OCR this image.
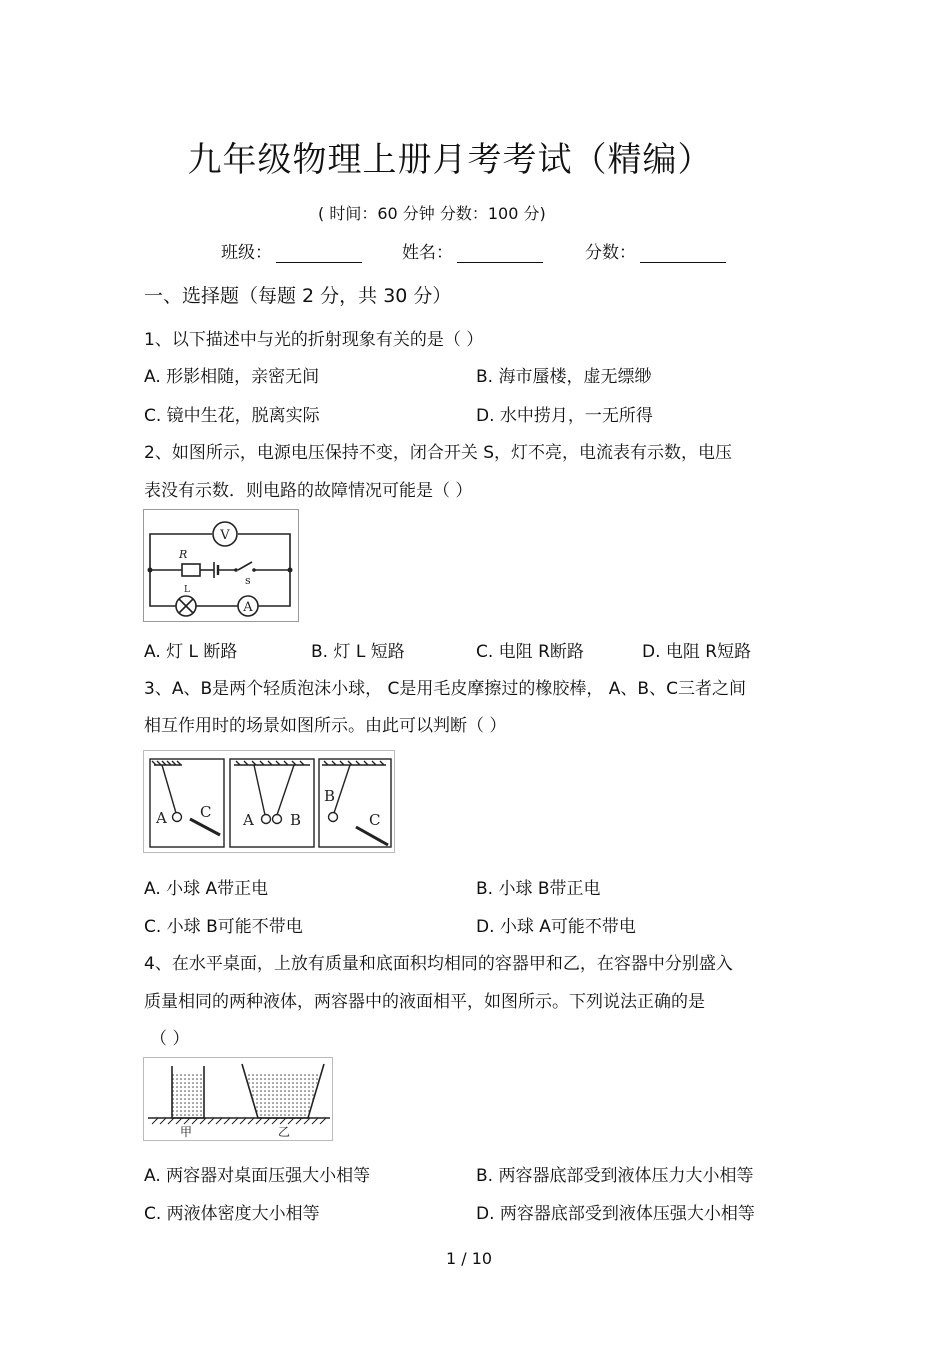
九年级物理上册月考考试（精编）
( 时间：60 分钟 分数：100 分)
班级：	姓名：	分数：
一、选择题（每题 2 分，共 30 分）
1、以下描述中与光的折射现象有关的是（ ）
A. 形影相随，亲密无间	B. 海市蜃楼，虚无缥缈
C. 镜中生花，脱离实际	D. 水中捞月，一无所得
2、如图所示，电源电压保持不变，闭合开关 S，灯不亮，电流表有示数，电压
表没有示数．则电路的故障情况可能是（ ）
V
A
R
s
L
A. 灯 L 断路	B. 灯 L 短路	C. 电阻 R断路	D. 电阻 R短路
3、A、B是两个轻质泡沫小球， C是用毛皮摩擦过的橡胶棒， A、B、C三者之间
相互作用时的场景如图所示。由此可以判断（ ）
A C A B
B
C
A. 小球 A带正电	B. 小球 B带正电
C. 小球 B可能不带电	D. 小球 A可能不带电
4、在水平桌面，上放有质量和底面积均相同的容器甲和乙，在容器中分别盛入
质量相同的两种液体，两容器中的液面相平，如图所示。下列说法正确的是
（ ）
甲	乙
A. 两容器对桌面压强大小相等	B. 两容器底部受到液体压力大小相等
C. 两液体密度大小相等	D. 两容器底部受到液体压强大小相等
1 / 10
